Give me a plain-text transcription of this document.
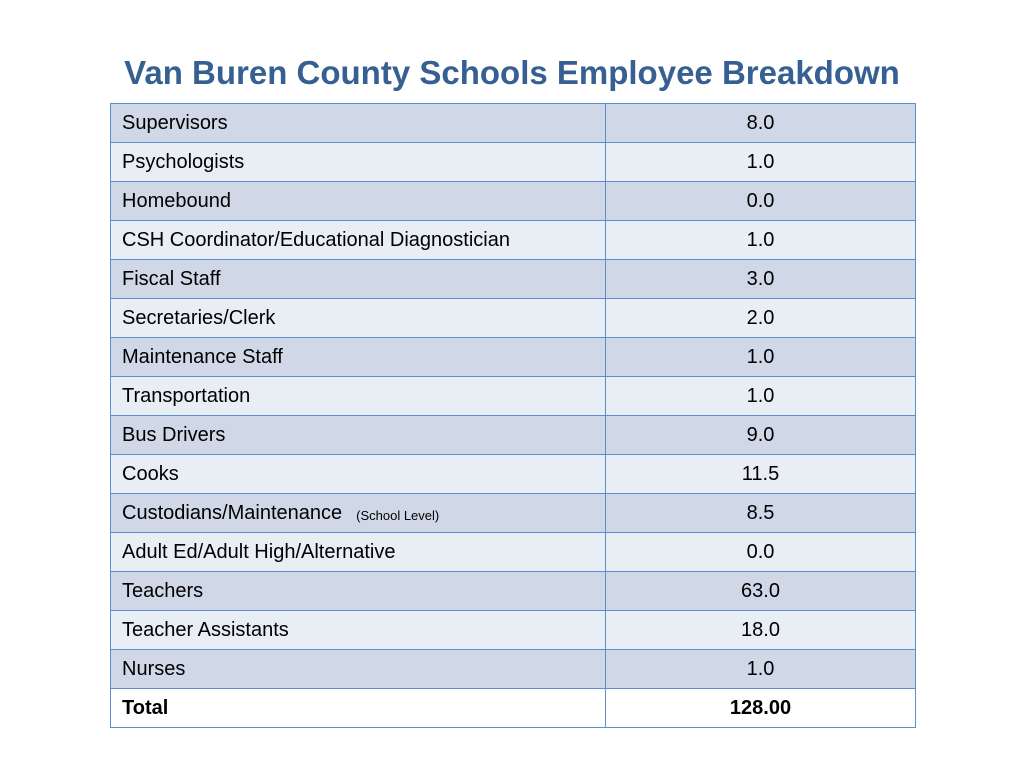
Van Buren County Schools Employee Breakdown
Supervisors	8.0
Psychologists	1.0
Homebound	0.0
CSH Coordinator/Educational Diagnostician	1.0
Fiscal Staff	3.0
Secretaries/Clerk	2.0
Maintenance Staff	1.0
Transportation	1.0
Bus Drivers	9.0
Cooks	11.5
Custodians/Maintenance (School Level)	8.5
Adult Ed/Adult High/Alternative	0.0
Teachers	63.0
Teacher Assistants	18.0
Nurses	1.0
Total	128.00
